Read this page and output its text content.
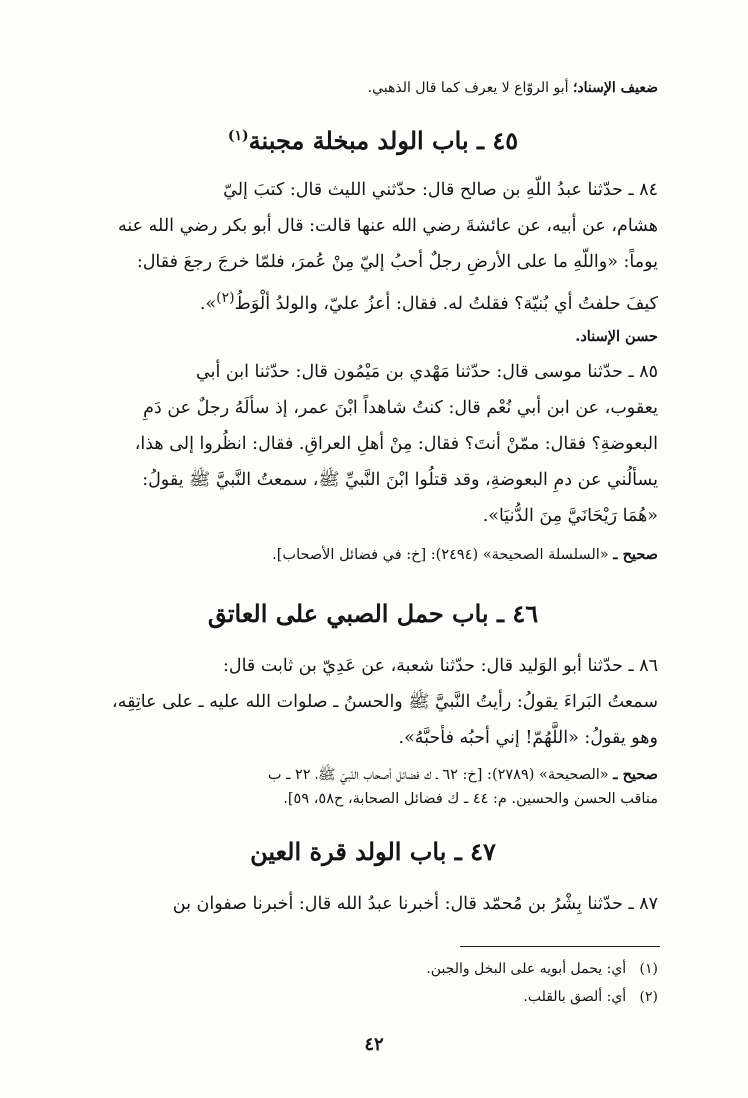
ضعيف الإسناد؛ أبو الروّاع لا يعرف كما قال الذهبي.

٤٥ ـ باب الولد مبخلة مجبنة$^{(١)}$

٨٤ ـ حدّثنا عبدُ اللّهِ بن صالح قال: حدّثني الليث قال: كتبَ إليّ

هشام، عن أبيه، عن عائشةَ رضي الله عنها قالت: قال أبو بكر رضي الله عنه

يوماً: «واللّهِ ما على الأرضِ رجلٌ أحبُ إليّ مِنْ عُمرَ، فلمّا خرجَ رجعَ فقال:

كيفَ حلفتُ أي بُنيّة؟ فقلتُ له. فقال: أعزُ عليّ، والولدُ ألْوَطُ$^{(٢)}$».

حسن الإسناد.

٨٥ ـ حدّثنا موسى قال: حدّثنا مَهْدي بن مَيْمُون قال: حدّثنا ابن أبي

يعقوب، عن ابن أبي نُعْم قال: كنتُ شاهداً ابْنَ عمر، إذ سألَهُ رجلٌ عن دَمِ

البعوضةِ؟ فقال: ممّنْ أنتَ؟ فقال: مِنْ أهلِ العراقِ. فقال: انظُروا إلى هذا،

يسألُني عن دمِ البعوضةِ، وقد قتلُوا ابْنَ النَّبيِّ ﷺ، سمعتُ النَّبيَّ ﷺ يقولُ:

«هُمَا رَيْحَانَيَّ مِنَ الدُّنيَا».

صحيح ـ «السلسلة الصحيحة» (٢٤٩٤): [خ: في فضائل الأصحاب].

٤٦ ـ باب حمل الصبي على العاتق

٨٦ ـ حدّثنا أبو الوَليد قال: حدّثنا شعبة، عن عَدِيّ بن ثابت قال:

سمعتُ البَراءَ يقولُ: رأيتُ النَّبيَّ ﷺ والحسنُ ـ صلوات الله عليه ـ على عاتِقِه،

وهو يقولُ: «اللَّهُمّ! إني أحبُه فأحبَّهُ».

صحيح ـ «الصحيحة» (٢٧٨٩): [خ: ٦٢ ـ ك فضائل أصحاب النّبيّ ﷺ، ٢٢ ـ ب

مناقب الحسن والحسين. م: ٤٤ ـ ك فضائل الصحابة، ح٥٨، ٥٩].

٤٧ ـ باب الولد قرة العين

٨٧ ـ حدّثنا بِشْرُ بن مُحمّد قال: أخبرنا عبدُ الله قال: أخبرنا صفوان بن

(١)   أي: يحمل أبويه على البخل والجبن.

(٢)   أي: ألصق بالقلب.

٤٢
